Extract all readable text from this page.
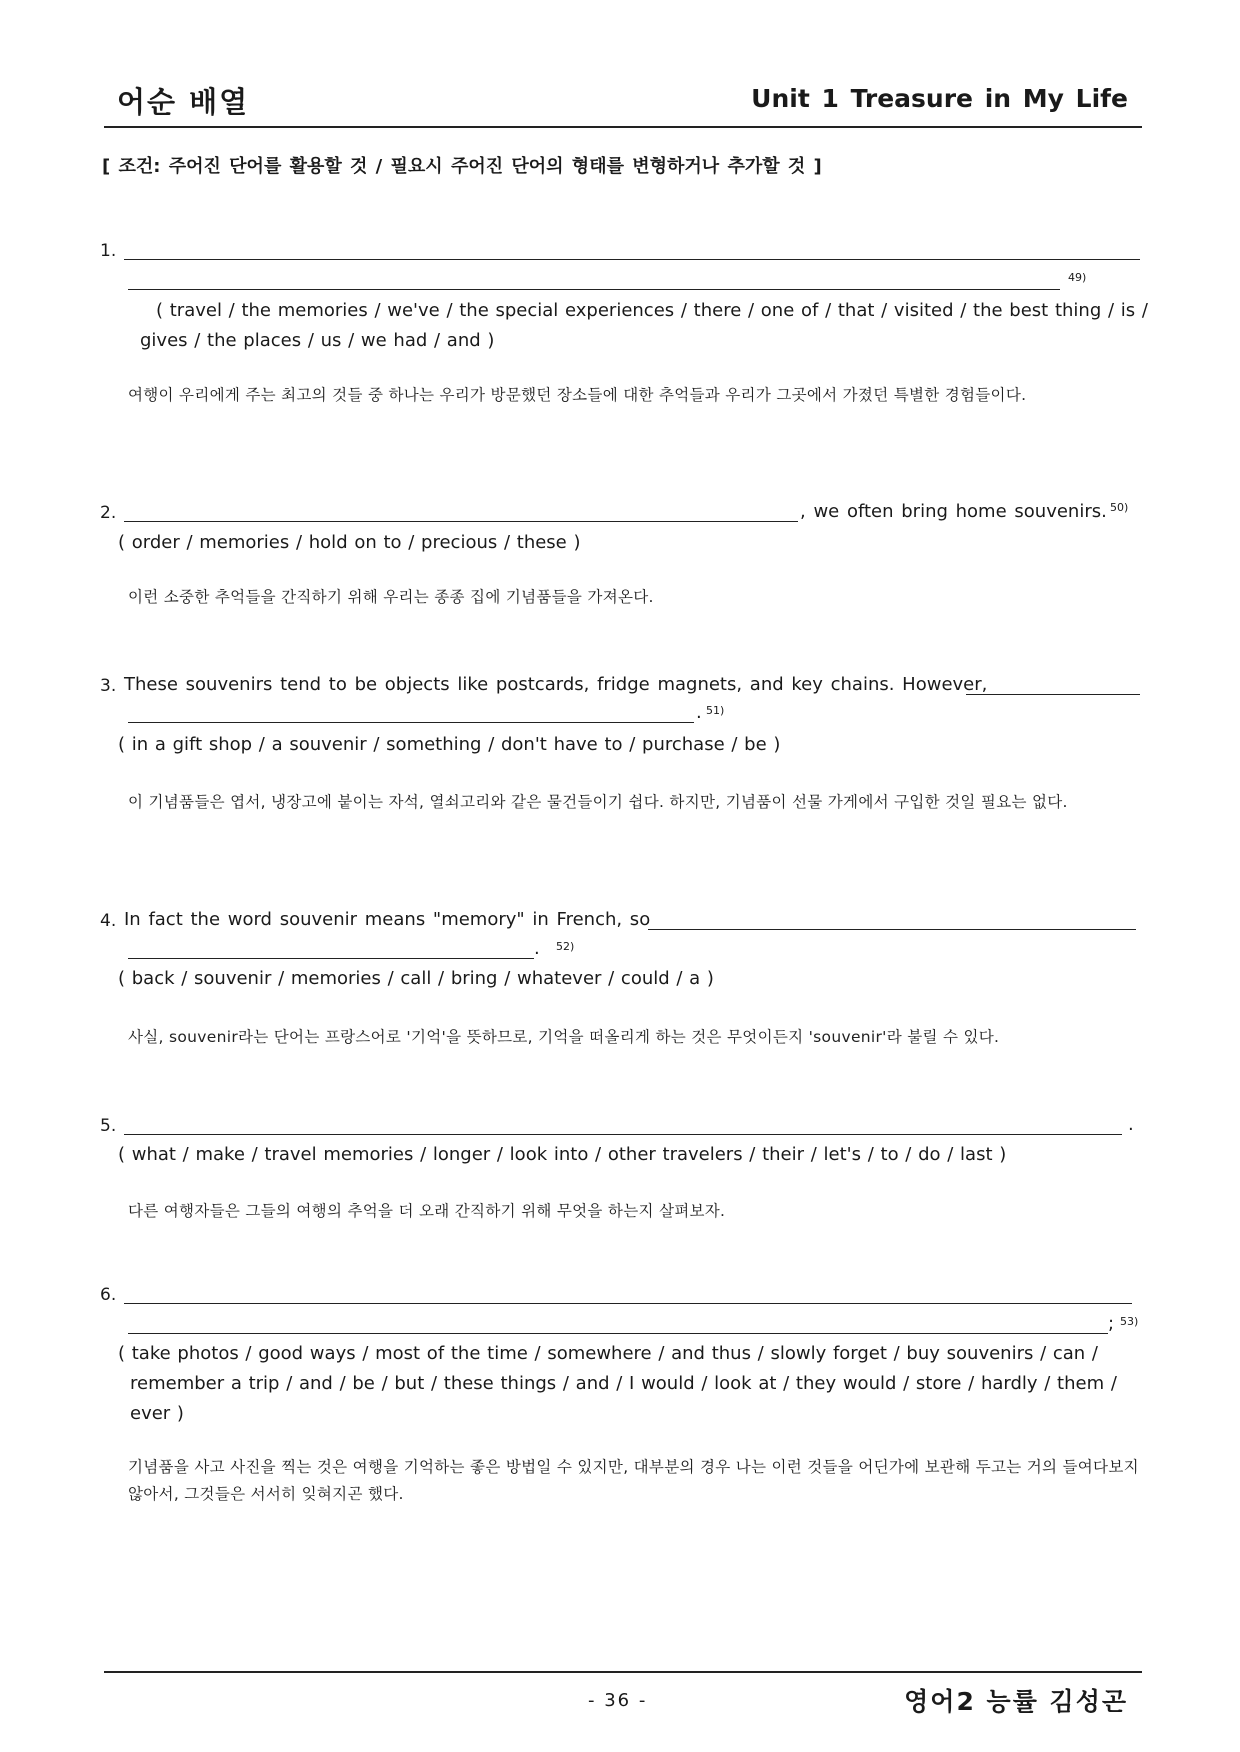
어순 배열	Unit 1 Treasure in My Life
[ 조건: 주어진 단어를 활용할 것 / 필요시 주어진 단어의 형태를 변형하거나 추가할 것 ]
1.
49)
( travel / the memories / we've / the special experiences / there / one of / that / visited / the best thing / is / gives / the places / us / we had / and )
여행이 우리에게 주는 최고의 것들 중 하나는 우리가 방문했던 장소들에 대한 추억들과 우리가 그곳에서 가졌던 특별한 경험들이다.
2.	, we often bring home souvenirs. 50)
( order / memories / hold on to / precious / these )
이런 소중한 추억들을 간직하기 위해 우리는 종종 집에 기념품들을 가져온다.
3. These souvenirs tend to be objects like postcards, fridge magnets, and key chains. However,
. 51)
( in a gift shop / a souvenir / something / don't have to / purchase / be )
이 기념품들은 엽서, 냉장고에 붙이는 자석, 열쇠고리와 같은 물건들이기 쉽다. 하지만, 기념품이 선물 가게에서 구입한 것일 필요는 없다.
4. In fact the word souvenir means "memory" in French, so
. 52)
( back / souvenir / memories / call / bring / whatever / could / a )
사실, souvenir라는 단어는 프랑스어로 '기억'을 뜻하므로, 기억을 떠올리게 하는 것은 무엇이든지 'souvenir'라 불릴 수 있다.
5.	.
( what / make / travel memories / longer / look into / other travelers / their / let's / to / do / last )
다른 여행자들은 그들의 여행의 추억을 더 오래 간직하기 위해 무엇을 하는지 살펴보자.
6.
; 53)
( take photos / good ways / most of the time / somewhere / and thus / slowly forget / buy souvenirs / can / remember a trip / and / be / but / these things / and / I would / look at / they would / store / hardly / them / ever )
기념품을 사고 사진을 찍는 것은 여행을 기억하는 좋은 방법일 수 있지만, 대부분의 경우 나는 이런 것들을 어딘가에 보관해 두고는 거의 들여다보지 않아서, 그것들은 서서히 잊혀지곤 했다.
- 36 -	영어2 능률 김성곤
